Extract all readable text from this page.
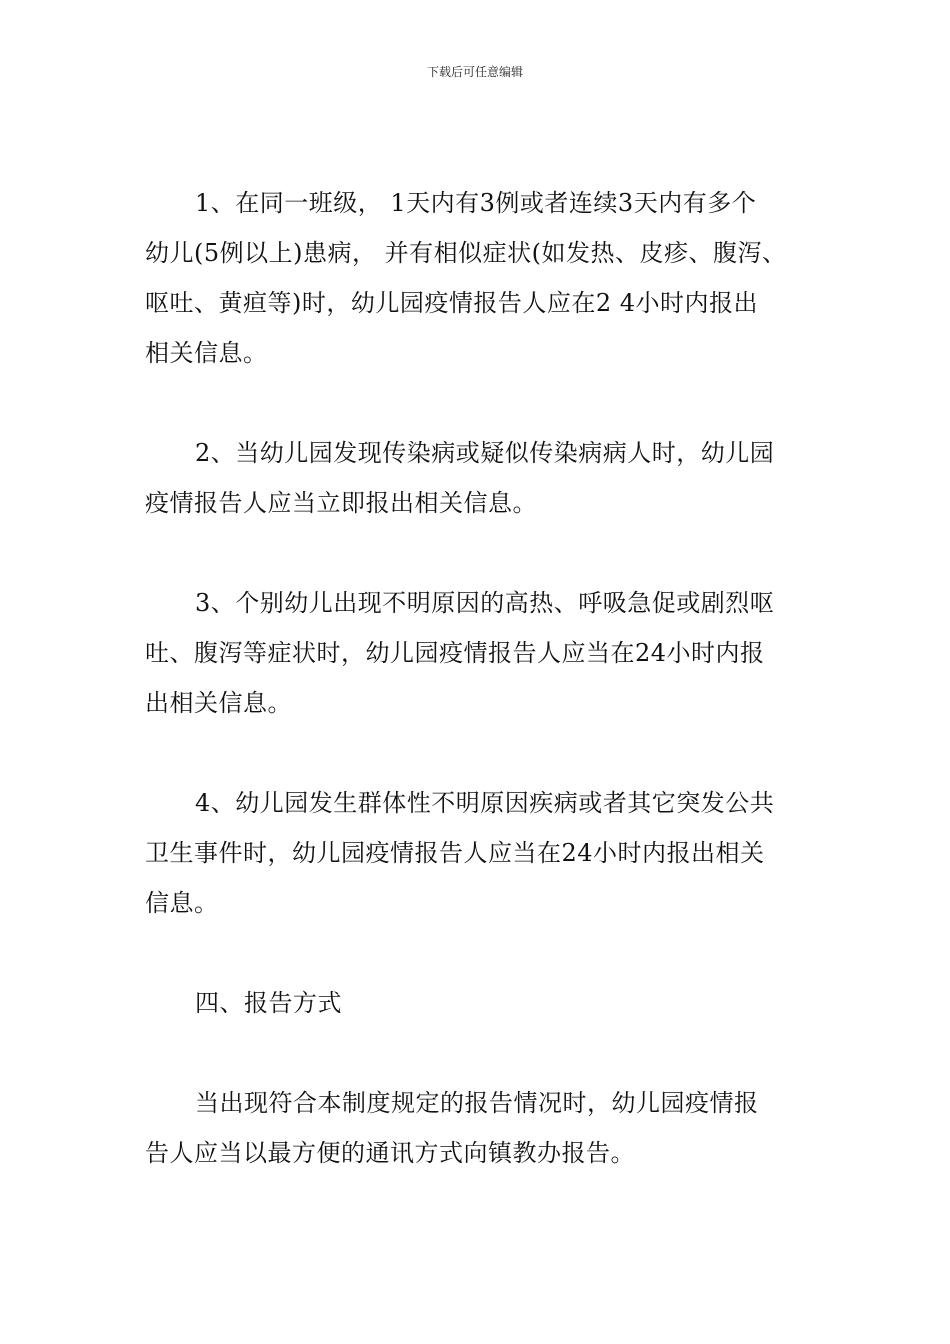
下载后可任意编辑

1、在同一班级， 1天内有3例或者连续3天内有多个
幼儿(5例以上)患病， 并有相似症状(如发热、皮疹、腹泻、
呕吐、黄疸等)时，幼儿园疫情报告人应在2 4小时内报出
相关信息。

2、当幼儿园发现传染病或疑似传染病病人时，幼儿园
疫情报告人应当立即报出相关信息。

3、个别幼儿出现不明原因的高热、呼吸急促或剧烈呕
吐、腹泻等症状时，幼儿园疫情报告人应当在24小时内报
出相关信息。

4、幼儿园发生群体性不明原因疾病或者其它突发公共
卫生事件时，幼儿园疫情报告人应当在24小时内报出相关
信息。

四、报告方式

当出现符合本制度规定的报告情况时，幼儿园疫情报
告人应当以最方便的通讯方式向镇教办报告。
